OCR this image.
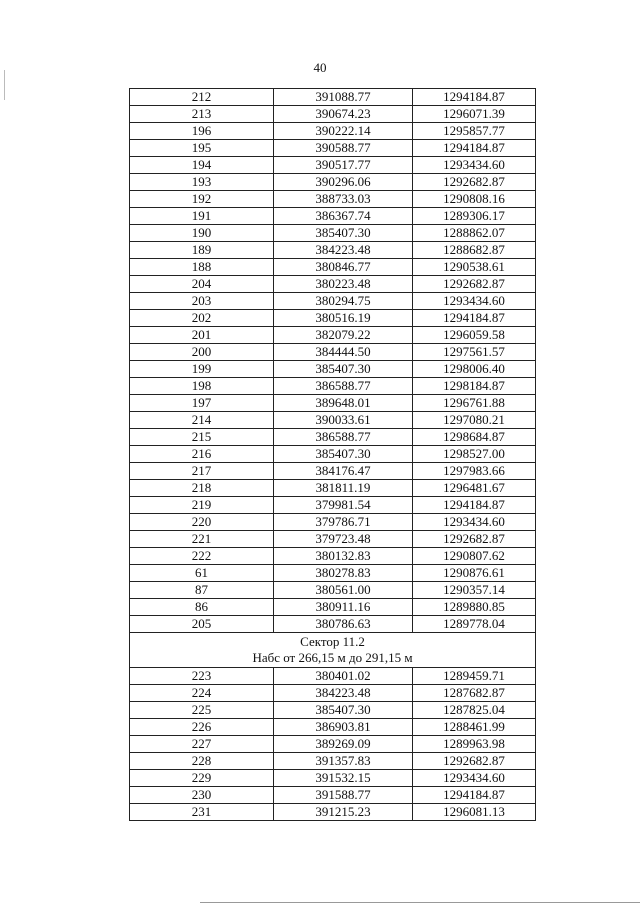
40
212	391088.77	1294184.87
213	390674.23	1296071.39
196	390222.14	1295857.77
195	390588.77	1294184.87
194	390517.77	1293434.60
193	390296.06	1292682.87
192	388733.03	1290808.16
191	386367.74	1289306.17
190	385407.30	1288862.07
189	384223.48	1288682.87
188	380846.77	1290538.61
204	380223.48	1292682.87
203	380294.75	1293434.60
202	380516.19	1294184.87
201	382079.22	1296059.58
200	384444.50	1297561.57
199	385407.30	1298006.40
198	386588.77	1298184.87
197	389648.01	1296761.88
214	390033.61	1297080.21
215	386588.77	1298684.87
216	385407.30	1298527.00
217	384176.47	1297983.66
218	381811.19	1296481.67
219	379981.54	1294184.87
220	379786.71	1293434.60
221	379723.48	1292682.87
222	380132.83	1290807.62
61	380278.83	1290876.61
87	380561.00	1290357.14
86	380911.16	1289880.85
205	380786.63	1289778.04

Сектор 11.2
Набс от 266,15 м до 291,15 м		

223	380401.02	1289459.71
224	384223.48	1287682.87
225	385407.30	1287825.04
226	386903.81	1288461.99
227	389269.09	1289963.98
228	391357.83	1292682.87
229	391532.15	1293434.60
230	391588.77	1294184.87
231	391215.23	1296081.13
